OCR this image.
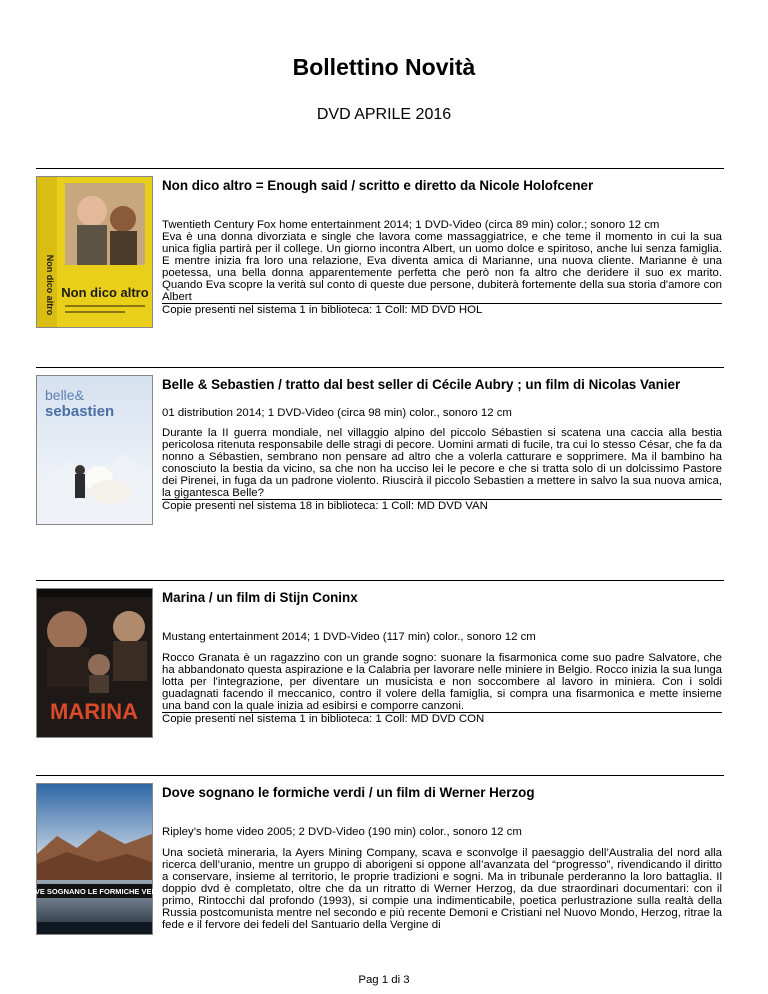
Bollettino Novità
DVD APRILE 2016
Non dico altro
Non dico altro
Non dico altro = Enough said / scritto e diretto da Nicole Holofcener
Twentieth Century Fox home entertainment 2014; 1 DVD-Video (circa 89 min) color.; sonoro 12 cm
Eva è una donna divorziata e single che lavora come massaggiatrice, e che teme il momento in cui la sua unica figlia partirà per il college. Un giorno incontra Albert, un uomo dolce e spiritoso, anche lui senza famiglia. E mentre inizia fra loro una relazione, Eva diventa amica di Marianne, una nuova cliente. Marianne è una poetessa, una bella donna apparentemente perfetta che però non fa altro che deridere il suo ex marito. Quando Eva scopre la verità sul conto di queste due persone, dubiterà fortemente della sua storia d'amore con Albert
Copie presenti nel sistema 1 in biblioteca: 1 Coll: MD DVD HOL
belle&
sebastien
Belle & Sebastien / tratto dal best seller di Cécile Aubry ; un film di Nicolas Vanier
01 distribution 2014; 1 DVD-Video (circa 98 min) color., sonoro 12 cm
Durante la II guerra mondiale, nel villaggio alpino del piccolo Sébastien si scatena una caccia alla bestia pericolosa ritenuta responsabile delle stragi di pecore. Uomini armati di fucile, tra cui lo stesso César, che fa da nonno a Sébastien, sembrano non pensare ad altro che a volerla catturare e sopprimere. Ma il bambino ha conosciuto la bestia da vicino, sa che non ha ucciso lei le pecore e che si tratta solo di un dolcissimo Pastore dei Pirenei, in fuga da un padrone violento. Riuscirà il piccolo Sebastien a mettere in salvo la sua nuova amica, la gigantesca Belle?
Copie presenti nel sistema 18 in biblioteca: 1 Coll: MD DVD VAN
MARINA
Marina / un film di Stijn Coninx
Mustang entertainment 2014; 1 DVD-Video (117 min) color., sonoro 12 cm
Rocco Granata è un ragazzino con un grande sogno: suonare la fisarmonica come suo padre Salvatore, che ha abbandonato questa aspirazione e la Calabria per lavorare nelle miniere in Belgio. Rocco inizia la sua lunga lotta per l'integrazione, per diventare un musicista e non soccombere al lavoro in miniera. Con i soldi guadagnati facendo il meccanico, contro il volere della famiglia, si compra una fisarmonica e mette insieme una band con la quale inizia ad esibirsi e comporre canzoni.
Copie presenti nel sistema 1 in biblioteca: 1 Coll: MD DVD CON
DOVE SOGNANO LE FORMICHE VERDI
Dove sognano le formiche verdi / un film di Werner Herzog
Ripley’s home video 2005; 2 DVD-Video (190 min) color., sonoro 12 cm
Una società mineraria, la Ayers Mining Company, scava e sconvolge il paesaggio dell’Australia del nord alla ricerca dell’uranio, mentre un gruppo di aborigeni si oppone all’avanzata del “progresso”, rivendicando il diritto a conservare, insieme al territorio, le proprie tradizioni e sogni. Ma in tribunale perderanno la loro battaglia. Il doppio dvd è completato, oltre che da un ritratto di Werner Herzog, da due straordinari documentari: con il primo, Rintocchi dal profondo (1993), si compie una indimenticabile, poetica perlustrazione sulla realtà della Russia postcomunista mentre nel secondo e più recente Demoni e Cristiani nel Nuovo Mondo, Herzog, ritrae la fede e il fervore dei fedeli del Santuario della Vergine di
Pag 1 di 3
